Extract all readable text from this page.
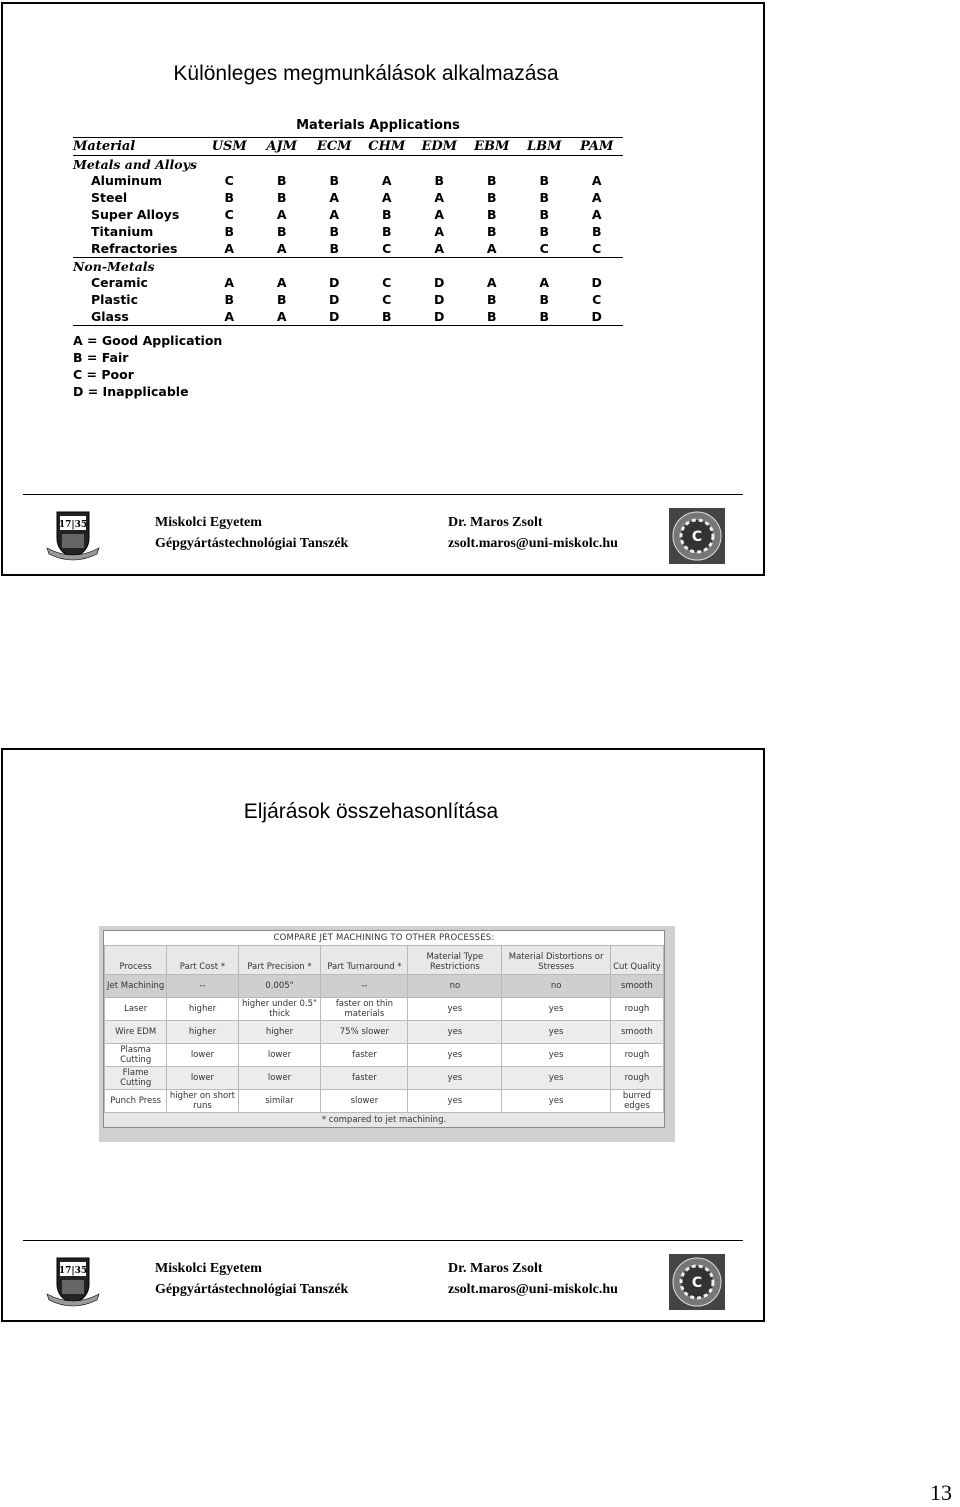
Különleges megmunkálások alkalmazása
Materials Applications
Material	USM	AJM	ECM	CHM	EDM	EBM	LBM	PAM
Metals and Alloys
Aluminum	C	B	B	A	B	B	B	A
Steel	B	B	A	A	A	B	B	A
Super Alloys	C	A	A	B	A	B	B	A
Titanium	B	B	B	B	A	B	B	B
Refractories	A	A	B	C	A	A	C	C
Non-Metals
Ceramic	A	A	D	C	D	A	A	D
Plastic	B	B	D	C	D	B	B	C
Glass	A	A	D	B	D	B	B	D
A = Good Application
B = Fair
C = Poor
D = Inapplicable
17|35	Miskolci Egyetem
Gépgyártástechnológiai Tanszék
Dr. Maros Zsolt
zsolt.maros@uni-miskolc.hu	C
Eljárások összehasonlítása
COMPARE JET MACHINING TO OTHER PROCESSES:
Process	Part Cost *	Part Precision *	Part Turnaround *	Material Type Restrictions	Material Distortions or Stresses	Cut Quality
Jet Machining	--	0.005"	--	no	no	smooth
Laser	higher	higher under 0.5" thick	faster on thin materials	yes	yes	rough
Wire EDM	higher	higher	75% slower	yes	yes	smooth
Plasma Cutting	lower	lower	faster	yes	yes	rough
Flame Cutting	lower	lower	faster	yes	yes	rough
Punch Press	higher on short runs	similar	slower	yes	yes	burred edges
* compared to jet machining.
17|35	Miskolci Egyetem
Gépgyártástechnológiai Tanszék
Dr. Maros Zsolt
zsolt.maros@uni-miskolc.hu	C
13
